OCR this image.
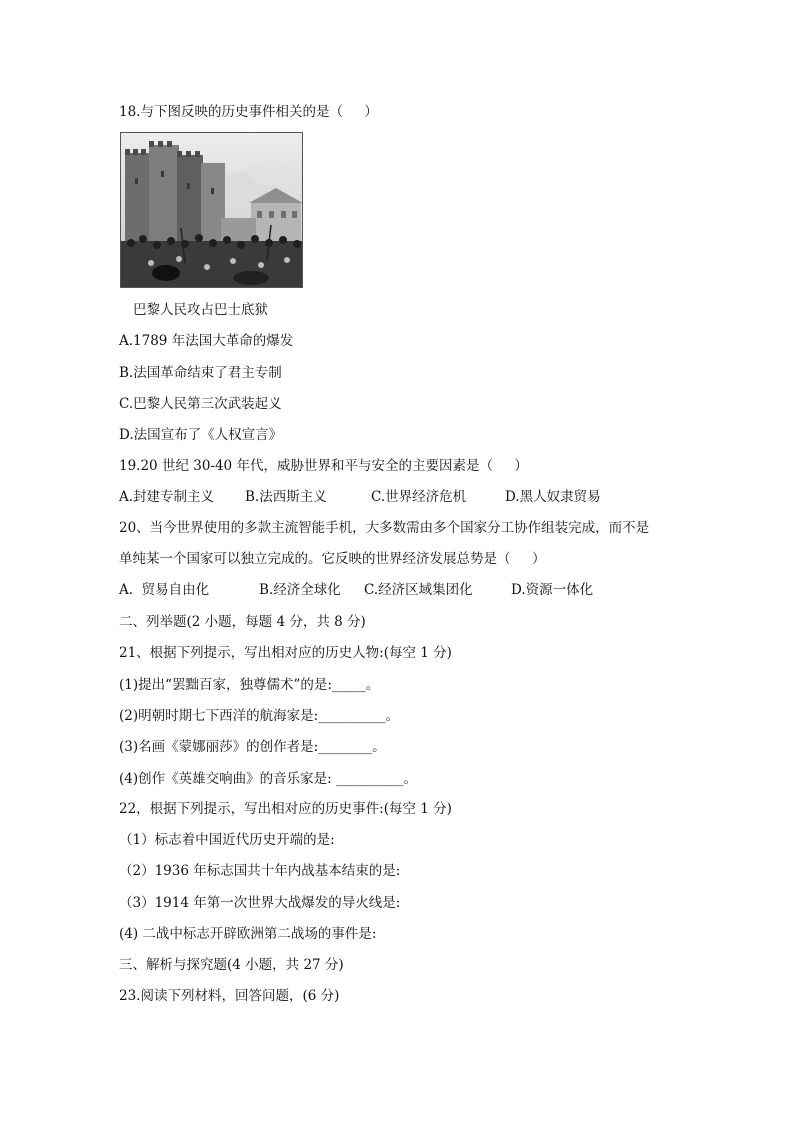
18.与下图反映的历史事件相关的是（     ）
巴黎人民攻占巴士底狱
A.1789 年法国大革命的爆发
B.法国革命结束了君主专制
C.巴黎人民第三次武装起义
D.法国宣布了《人权宣言》
19.20 世纪 30-40 年代，威胁世界和平与安全的主要因素是（     ）
A.封建专制主义 B.法西斯主义	C.世界经济危机	D.黑人奴隶贸易
20、当今世界使用的多款主流智能手机，大多数需由多个国家分工协作组装完成，而不是
单纯某一个国家可以独立完成的。它反映的世界经济发展总势是（     ）
A.  贸易自由化	B.经济全球化 C.经济区域集团化	D.资源一体化
二、列举题(2 小题，每题 4 分，共 8 分)
21、根据下列提示，写出相对应的历史人物:(每空 1 分)
(1)提出“罢黜百家，独尊儒术”的是:_____。
(2)明朝时期七下西洋的航海家是:__________。
(3)名画《蒙娜丽莎》的创作者是:________。
(4)创作《英雄交响曲》的音乐家是: __________。
22，根据下列提示，写出相对应的历史事件:(每空 1 分)
（1）标志着中国近代历史开端的是:
（2）1936 年标志国共十年内战基本结束的是:
（3）1914 年第一次世界大战爆发的导火线是:
(4) 二战中标志开辟欧洲第二战场的事件是:
三、解析与探究题(4 小题，共 27 分)
23.阅读下列材料，回答问题，(6 分)
